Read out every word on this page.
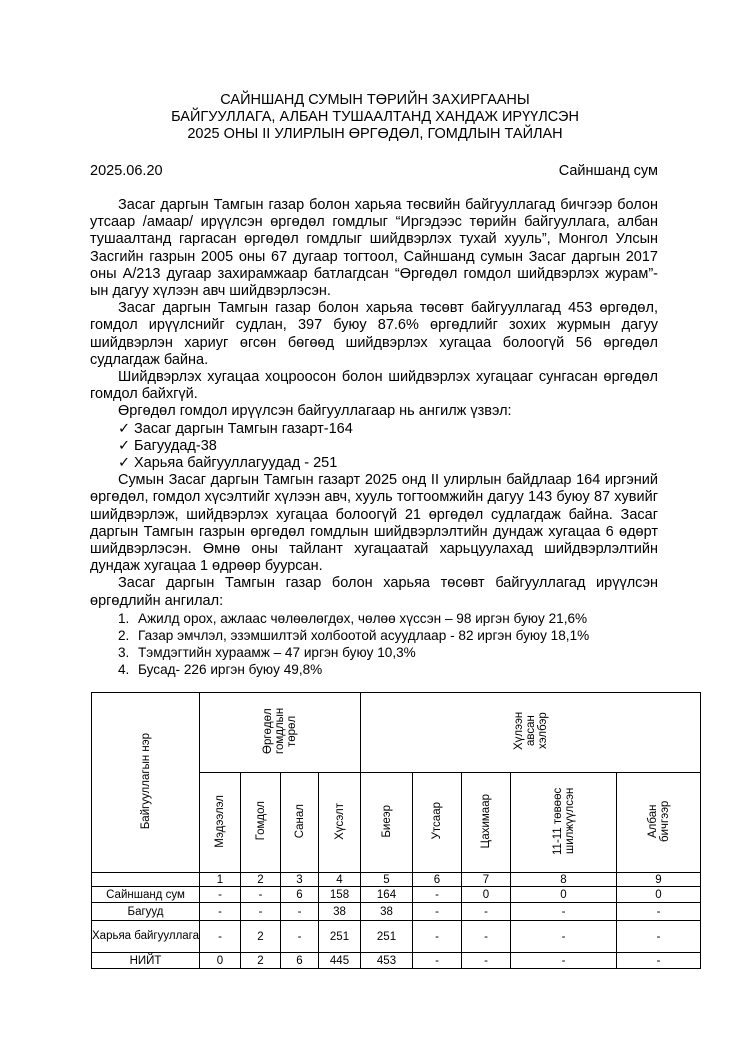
САЙНШАНД СУМЫН ТӨРИЙН ЗАХИРГААНЫ
БАЙГУУЛЛАГА, АЛБАН ТУШААЛТАНД ХАНДАЖ ИРҮҮЛСЭН
2025 ОНЫ II УЛИРЛЫН ӨРГӨДӨЛ, ГОМДЛЫН ТАЙЛАН
2025.06.20	Сайншанд сум

Засаг даргын Тамгын газар болон харьяа төсвийн байгууллагад бичгээр болон утсаар /амаар/ ирүүлсэн өргөдөл гомдлыг “Иргэдээс төрийн байгууллага, албан тушаалтанд гаргасан өргөдөл гомдлыг шийдвэрлэх тухай хууль”, Монгол Улсын Засгийн газрын 2005 оны 67 дугаар тогтоол, Сайншанд сумын Засаг даргын 2017 оны А/213 дугаар захирамжаар батлагдсан “Өргөдөл гомдол шийдвэрлэх журам”-ын дагуу хүлээн авч шийдвэрлэсэн.

Засаг даргын Тамгын газар болон харьяа төсөвт байгууллагад 453 өргөдөл, гомдол ирүүлснийг судлан, 397 буюу 87.6% өргөдлийг зохих журмын дагуу шийдвэрлэн хариуг өгсөн бөгөөд шийдвэрлэх хугацаа болоогүй 56 өргөдөл судлагдаж байна.

Шийдвэрлэх хугацаа хоцроосон болон шийдвэрлэх хугацааг сунгасан өргөдөл гомдол байхгүй.

Өргөдөл гомдол ирүүлсэн байгууллагаар нь ангилж үзвэл:

✓ Засаг даргын Тамгын газарт-164
✓ Багуудад-38
✓ Харьяа байгууллагуудад - 251

Сумын Засаг даргын Тамгын газарт 2025 онд II улирлын байдлаар 164 иргэний өргөдөл, гомдол хүсэлтийг хүлээн авч, хууль тогтоомжийн дагуу 143 буюу 87 хувийг шийдвэрлэж, шийдвэрлэх хугацаа болоогүй 21 өргөдөл судлагдаж байна. Засаг даргын Тамгын газрын өргөдөл гомдлын шийдвэрлэлтийн дундаж хугацаа 6 өдөрт шийдвэрлэсэн. Өмнө оны тайлант хугацаатай харьцуулахад шийдвэрлэлтийн дундаж хугацаа 1 өдрөөр буурсан.

Засаг даргын Тамгын газар болон харьяа төсөвт байгууллагад ирүүлсэн өргөдлийн ангилал:

1. Ажилд орох, ажлаас чөлөөлөгдөх, чөлөө хүссэн – 98 иргэн буюу 21,6%
2. Газар эмчлэл, эзэмшилтэй холбоотой асуудлаар - 82 иргэн буюу 18,1%
3. Тэмдэгтийн хураамж – 47 иргэн буюу 10,3%
4. Бусад- 226 иргэн буюу 49,8%
Байгууллагын нэр	Өргөдөл гомдлын төрөл				Хүлээн авсан хэлбэр				
	Мэдээлэл	Гомдол	Санал	Хүсэлт	Биеэр	Утсаар	Цахимаар	11-11 төвөөс шилжүүлсэн	Албан бичгээр
	1	2	3	4	5	6	7	8	9
Сайншанд сум	-	-	6	158	164	-	0	0	0
Багууд	-	-	-	38	38	-	-	-	-
Харьяа байгууллага	-	2	-	251	251	-	-	-	-
НИЙТ	0	2	6	445	453	-	-	-	-
